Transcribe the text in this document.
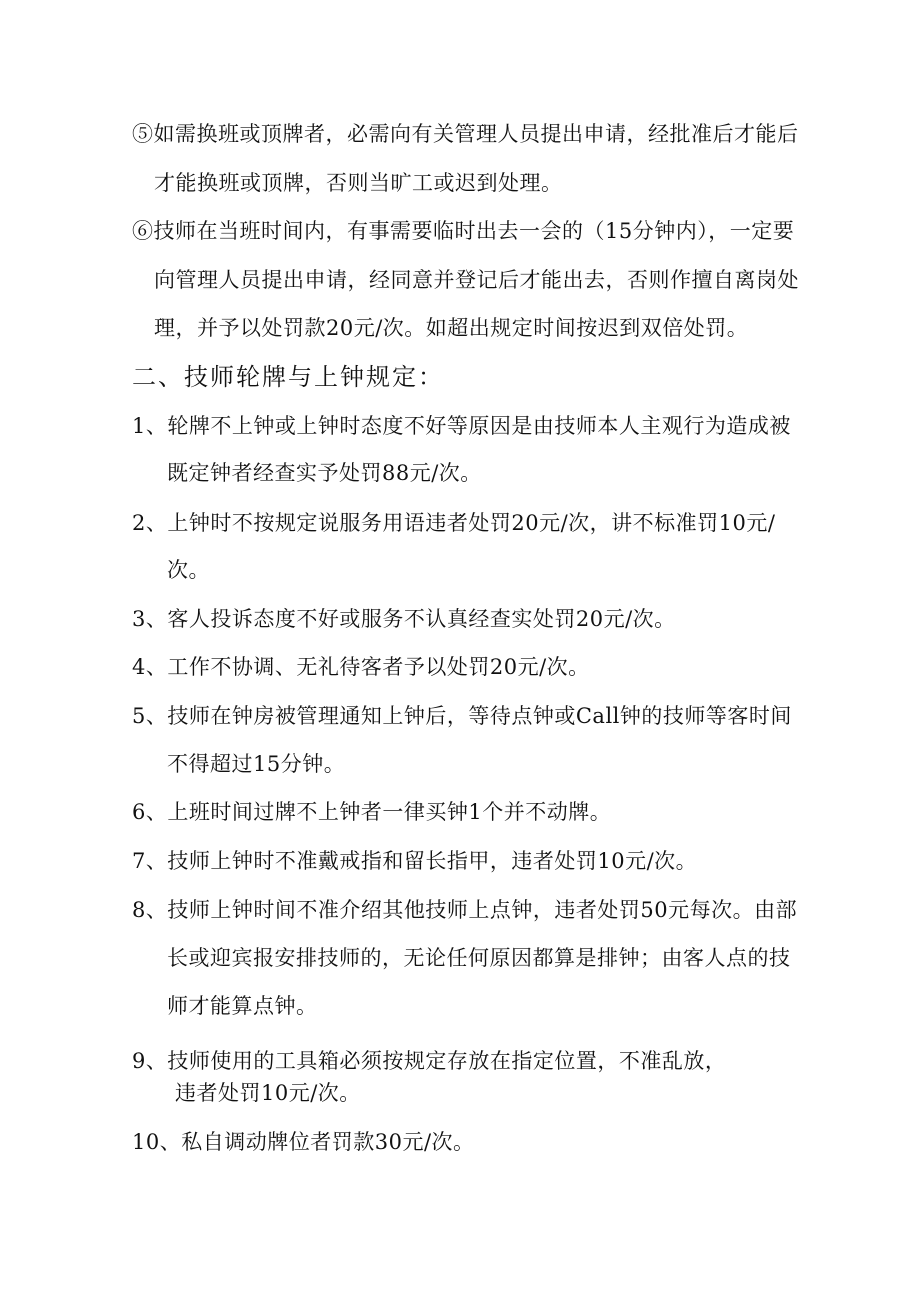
⑤如需换班或顶牌者，必需向有关管理人员提出申请，经批准后才能后
才能换班或顶牌，否则当旷工或迟到处理。
⑥技师在当班时间内，有事需要临时出去一会的（15分钟内），一定要
向管理人员提出申请，经同意并登记后才能出去，否则作擅自离岗处
理，并予以处罚款20元/次。如超出规定时间按迟到双倍处罚。
二、技师轮牌与上钟规定：
1、轮牌不上钟或上钟时态度不好等原因是由技师本人主观行为造成被
既定钟者经查实予处罚88元/次。
2、上钟时不按规定说服务用语违者处罚20元/次，讲不标准罚10元/
次。
3、客人投诉态度不好或服务不认真经查实处罚20元/次。
4、工作不协调、无礼待客者予以处罚20元/次。
5、技师在钟房被管理通知上钟后，等待点钟或Call钟的技师等客时间
不得超过15分钟。
6、上班时间过牌不上钟者一律买钟1个并不动牌。
7、技师上钟时不准戴戒指和留长指甲，违者处罚10元/次。
8、技师上钟时间不准介绍其他技师上点钟，违者处罚50元每次。由部
长或迎宾报安排技师的，无论任何原因都算是排钟；由客人点的技
师才能算点钟。
9、技师使用的工具箱必须按规定存放在指定位置，不准乱放，
违者处罚10元/次。
10、私自调动牌位者罚款30元/次。
